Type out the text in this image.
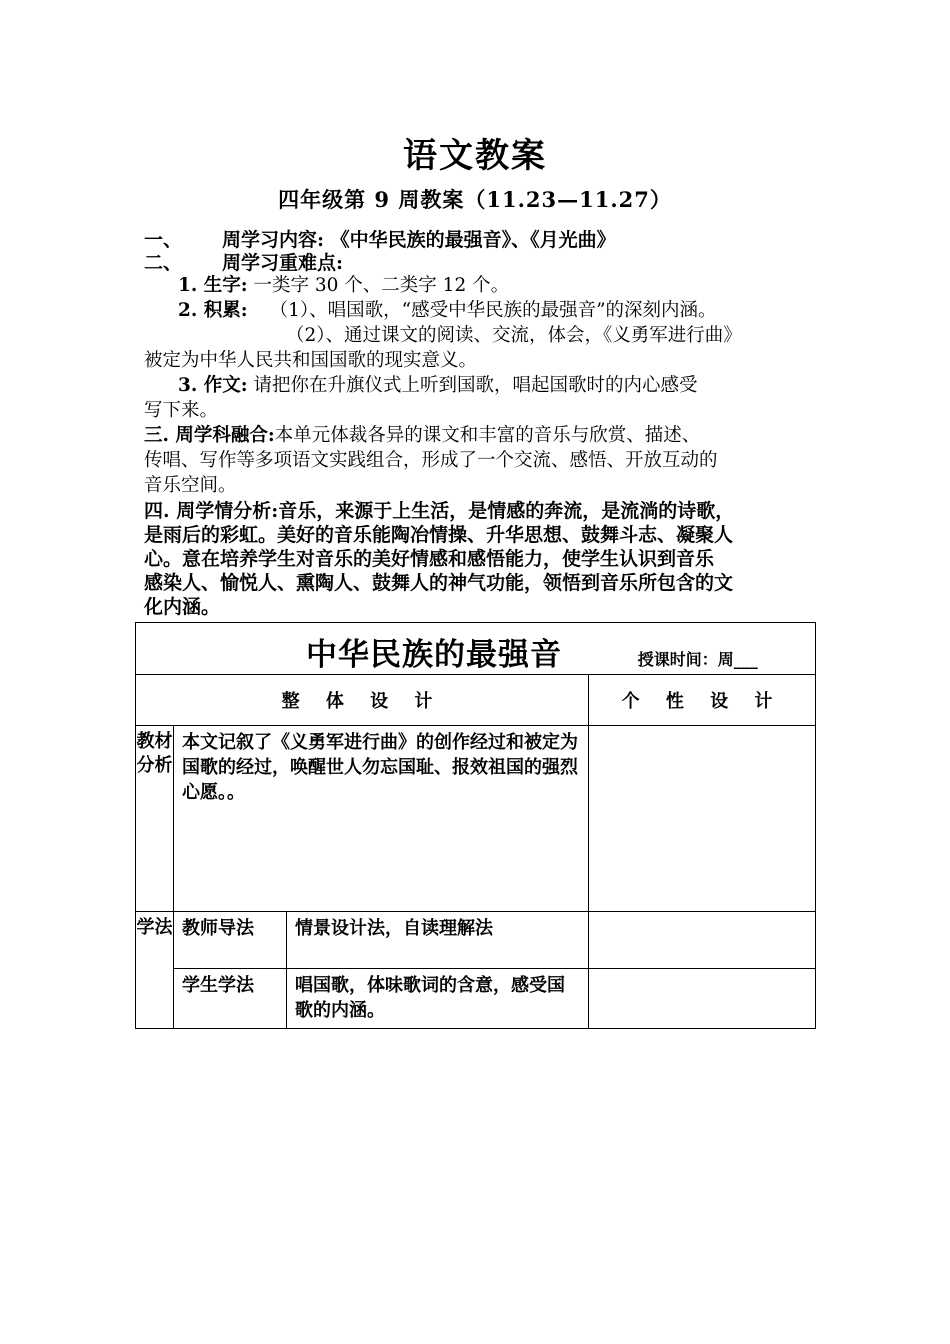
语文教案
四年级第 9 周教案（11.23—11.27）
一、 周学习内容: 《中华民族的最强音》、《月光曲》
二、 周学习重难点:
1. 生字: 一类字 30 个、二类字 12 个。
2. 积累: （1）、唱国歌，“感受中华民族的最强音”的深刻内涵。
（2）、通过课文的阅读、交流，体会，《义勇军进行曲》
被定为中华人民共和国国歌的现实意义。
3. 作文: 请把你在升旗仪式上听到国歌，唱起国歌时的内心感受
写下来。
三. 周学科融合:本单元体裁各异的课文和丰富的音乐与欣赏、描述、
传唱、写作等多项语文实践组合，形成了一个交流、感悟、开放互动的
音乐空间。
四. 周学情分析:音乐，来源于上生活，是情感的奔流，是流淌的诗歌，
是雨后的彩虹。美好的音乐能陶冶情操、升华思想、鼓舞斗志、凝聚人
心。意在培养学生对音乐的美好情感和感悟能力，使学生认识到音乐
感染人、愉悦人、熏陶人、鼓舞人的神气功能，领悟到音乐所包含的文
化内涵。
中华民族的最强音 授课时间：周___			
整 体 设 计			个 性 设 计
教材分析	本文记叙了《义勇军进行曲》的创作经过和被定为国歌的经过，唤醒世人勿忘国耻、报效祖国的强烈心愿。。		
学法	教师导法	情景设计法，自读理解法	
	学生学法	唱国歌，体味歌词的含意，感受国歌的内涵。	
